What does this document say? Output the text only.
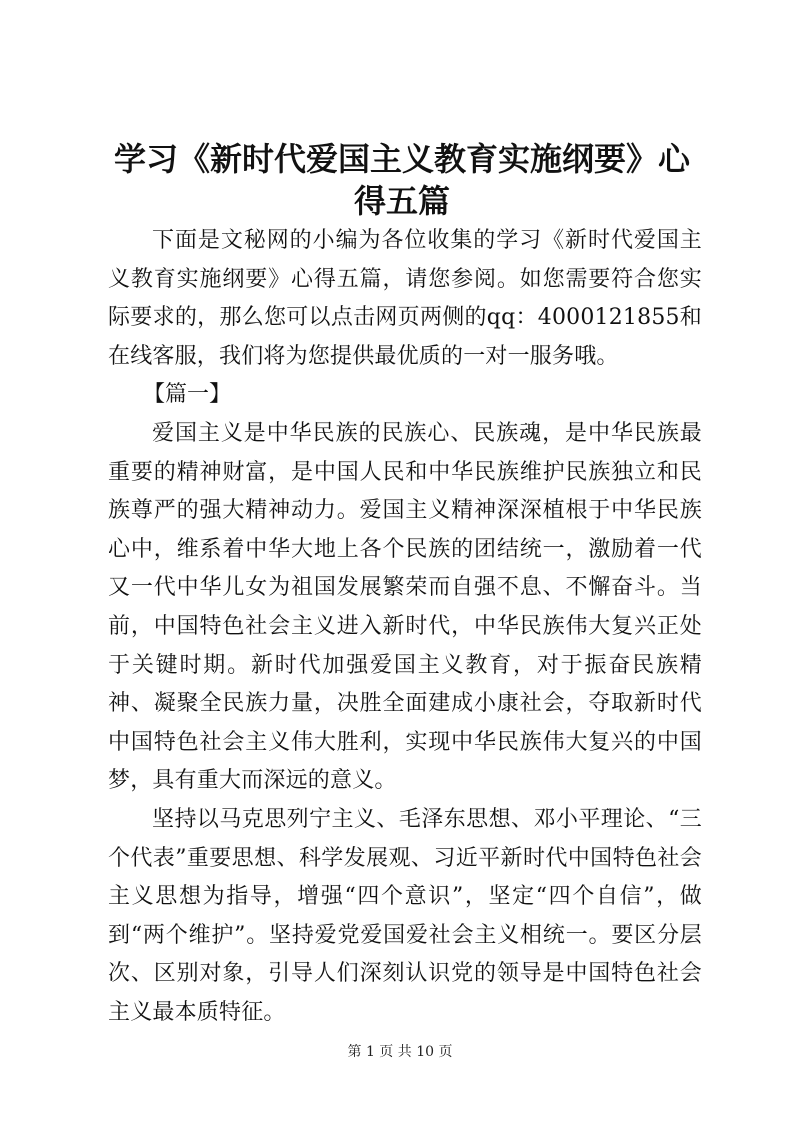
学习《新时代爱国主义教育实施纲要》心得五篇

下面是文秘网的小编为各位收集的学习《新时代爱国主义教育实施纲要》心得五篇，请您参阅。如您需要符合您实际要求的，那么您可以点击网页两侧的qq：4000121855和在线客服，我们将为您提供最优质的一对一服务哦。

【篇一】

爱国主义是中华民族的民族心、民族魂，是中华民族最重要的精神财富，是中国人民和中华民族维护民族独立和民族尊严的强大精神动力。爱国主义精神深深植根于中华民族心中，维系着中华大地上各个民族的团结统一，激励着一代又一代中华儿女为祖国发展繁荣而自强不息、不懈奋斗。当前，中国特色社会主义进入新时代，中华民族伟大复兴正处于关键时期。新时代加强爱国主义教育，对于振奋民族精神、凝聚全民族力量，决胜全面建成小康社会，夺取新时代中国特色社会主义伟大胜利，实现中华民族伟大复兴的中国梦，具有重大而深远的意义。

坚持以马克思列宁主义、毛泽东思想、邓小平理论、“三个代表”重要思想、科学发展观、习近平新时代中国特色社会主义思想为指导，增强“四个意识”，坚定“四个自信”，做到“两个维护”。坚持爱党爱国爱社会主义相统一。要区分层次、区别对象，引导人们深刻认识党的领导是中国特色社会主义最本质特征。

第 1 页 共 10 页
